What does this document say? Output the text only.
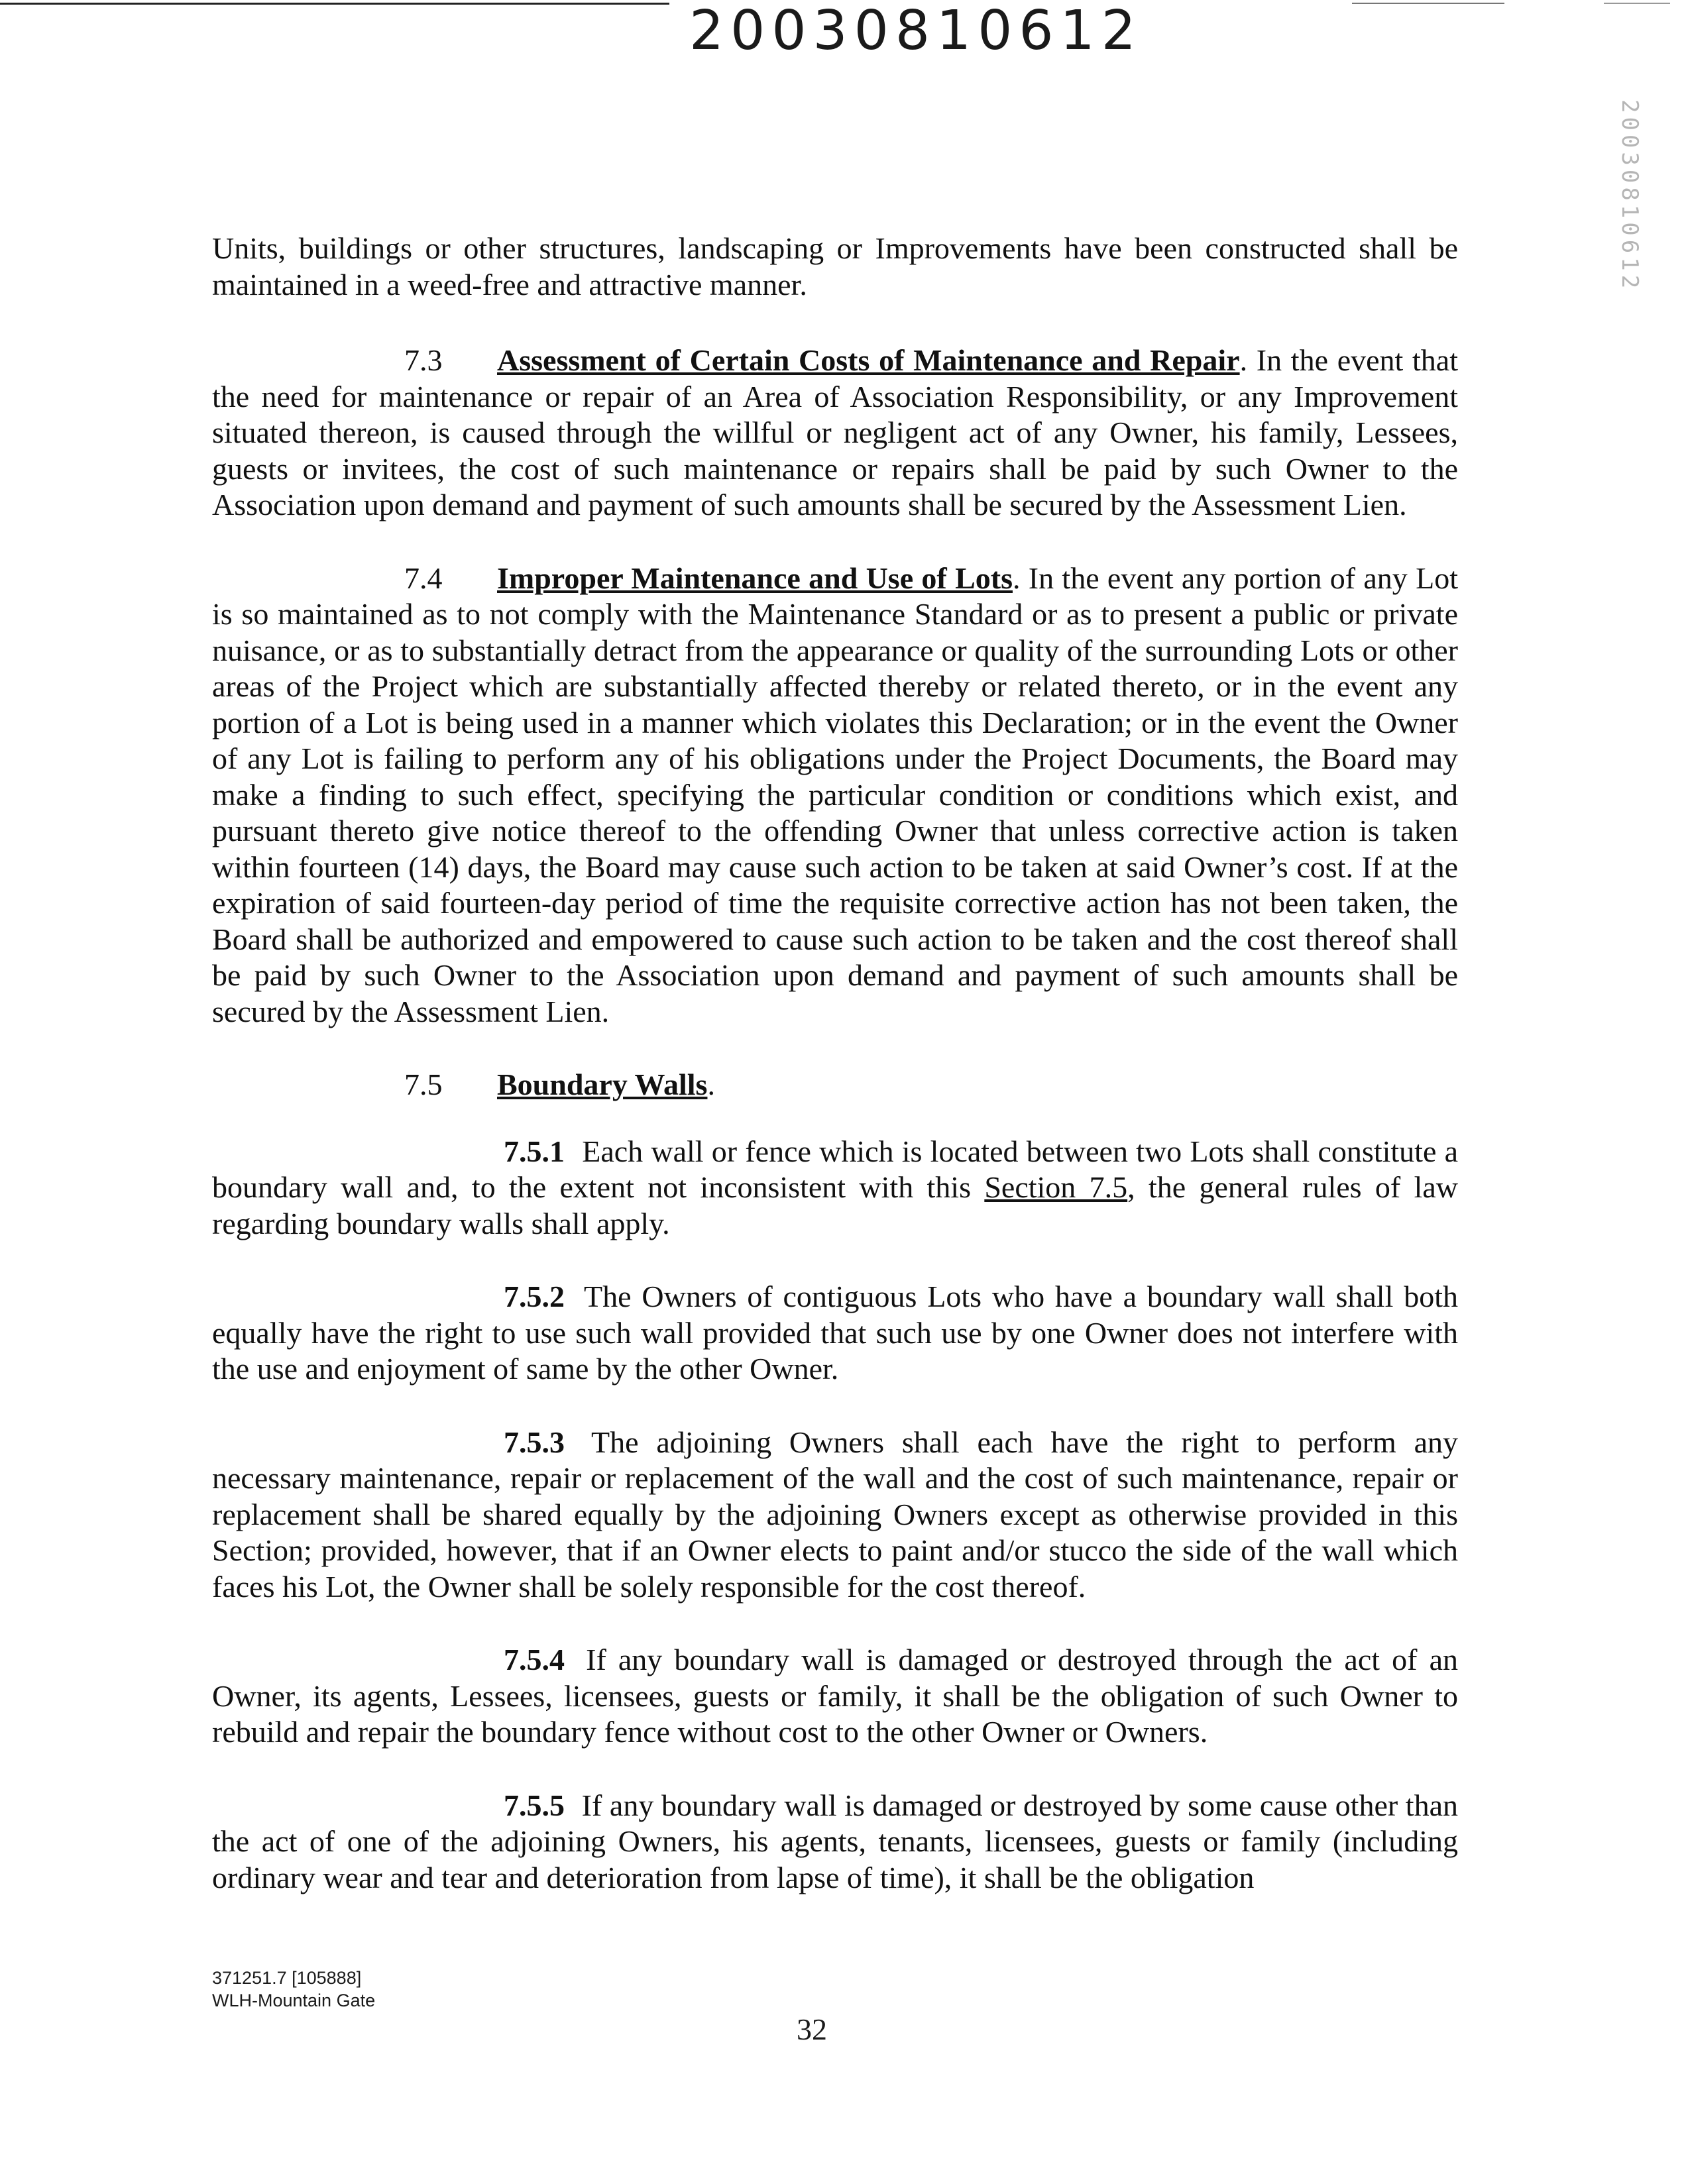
20030810612
20030810612

Units, buildings or other structures, landscaping or Improvements have been constructed shall be maintained in a weed-free and attractive manner.

7.3 Assessment of Certain Costs of Maintenance and Repair. In the event that the need for maintenance or repair of an Area of Association Responsibility, or any Improvement situated thereon, is caused through the willful or negligent act of any Owner, his family, Lessees, guests or invitees, the cost of such maintenance or repairs shall be paid by such Owner to the Association upon demand and payment of such amounts shall be secured by the Assessment Lien.

7.4 Improper Maintenance and Use of Lots. In the event any portion of any Lot is so maintained as to not comply with the Maintenance Standard or as to present a public or private nuisance, or as to substantially detract from the appearance or quality of the surrounding Lots or other areas of the Project which are substantially affected thereby or related thereto, or in the event any portion of a Lot is being used in a manner which violates this Declaration; or in the event the Owner of any Lot is failing to perform any of his obligations under the Project Documents, the Board may make a finding to such effect, specifying the particular condition or conditions which exist, and pursuant thereto give notice thereof to the offending Owner that unless corrective action is taken within fourteen (14) days, the Board may cause such action to be taken at said Owner’s cost. If at the expiration of said fourteen-day period of time the requisite corrective action has not been taken, the Board shall be authorized and empowered to cause such action to be taken and the cost thereof shall be paid by such Owner to the Association upon demand and payment of such amounts shall be secured by the Assessment Lien.

7.5 Boundary Walls.

7.5.1 Each wall or fence which is located between two Lots shall constitute a boundary wall and, to the extent not inconsistent with this Section 7.5, the general rules of law regarding boundary walls shall apply.

7.5.2 The Owners of contiguous Lots who have a boundary wall shall both equally have the right to use such wall provided that such use by one Owner does not interfere with the use and enjoyment of same by the other Owner.

7.5.3 The adjoining Owners shall each have the right to perform any necessary maintenance, repair or replacement of the wall and the cost of such maintenance, repair or replacement shall be shared equally by the adjoining Owners except as otherwise provided in this Section; provided, however, that if an Owner elects to paint and/or stucco the side of the wall which faces his Lot, the Owner shall be solely responsible for the cost thereof.

7.5.4 If any boundary wall is damaged or destroyed through the act of an Owner, its agents, Lessees, licensees, guests or family, it shall be the obligation of such Owner to rebuild and repair the boundary fence without cost to the other Owner or Owners.

7.5.5 If any boundary wall is damaged or destroyed by some cause other than the act of one of the adjoining Owners, his agents, tenants, licensees, guests or family (including ordinary wear and tear and deterioration from lapse of time), it shall be the obligation

371251.7 [105888]
WLH-Mountain Gate
32
